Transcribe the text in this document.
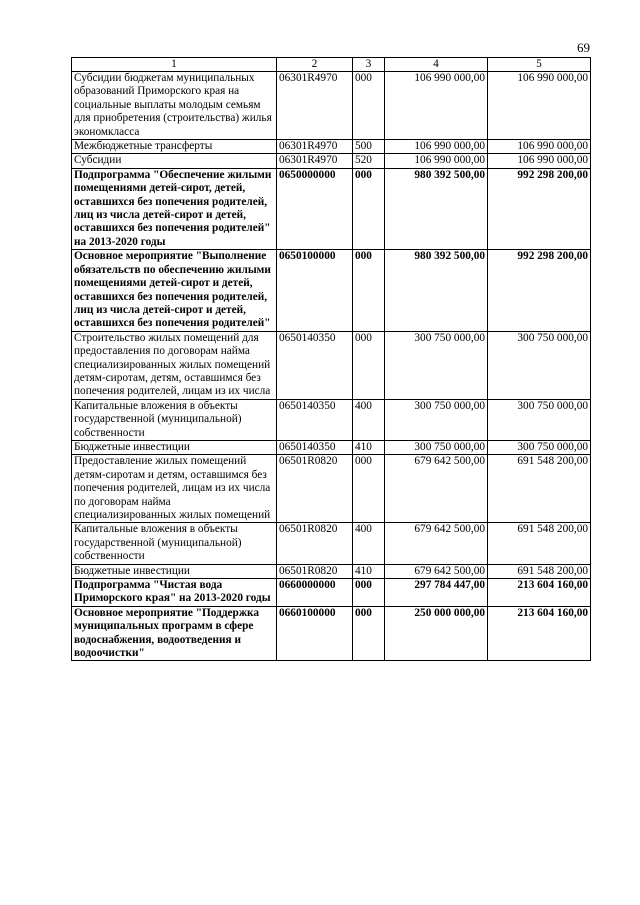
69
1	2	3	4	5
Субсидии бюджетам муниципальных образований Приморского края на социальные выплаты молодым семьям для приобретения (строительства) жилья экономкласса	06301R4970	000	106 990 000,00	106 990 000,00
Межбюджетные трансферты	06301R4970	500	106 990 000,00	106 990 000,00
Субсидии	06301R4970	520	106 990 000,00	106 990 000,00
Подпрограмма "Обеспечение жилыми помещениями детей-сирот, детей, оставшихся без попечения родителей, лиц из числа детей-сирот и детей, оставшихся без попечения родителей" на 2013-2020 годы	0650000000	000	980 392 500,00	992 298 200,00
Основное мероприятие "Выполнение обязательств по обеспечению жилыми помещениями детей-сирот и детей, оставшихся без попечения родителей, лиц из числа детей-сирот и детей, оставшихся без попечения родителей"	0650100000	000	980 392 500,00	992 298 200,00
Строительство жилых помещений для предоставления по договорам найма специализированных жилых помещений детям-сиротам, детям, оставшимся без попечения родителей, лицам из их числа	0650140350	000	300 750 000,00	300 750 000,00
Капитальные вложения в объекты государственной (муниципальной) собственности	0650140350	400	300 750 000,00	300 750 000,00
Бюджетные инвестиции	0650140350	410	300 750 000,00	300 750 000,00
Предоставление жилых помещений детям-сиротам и детям, оставшимся без попечения родителей, лицам из их числа по договорам найма специализированных жилых помещений	06501R0820	000	679 642 500,00	691 548 200,00
Капитальные вложения в объекты государственной (муниципальной) собственности	06501R0820	400	679 642 500,00	691 548 200,00
Бюджетные инвестиции	06501R0820	410	679 642 500,00	691 548 200,00
Подпрограмма "Чистая вода Приморского края" на 2013-2020 годы	0660000000	000	297 784 447,00	213 604 160,00
Основное мероприятие "Поддержка муниципальных программ в сфере водоснабжения, водоотведения и водоочистки"	0660100000	000	250 000 000,00	213 604 160,00
